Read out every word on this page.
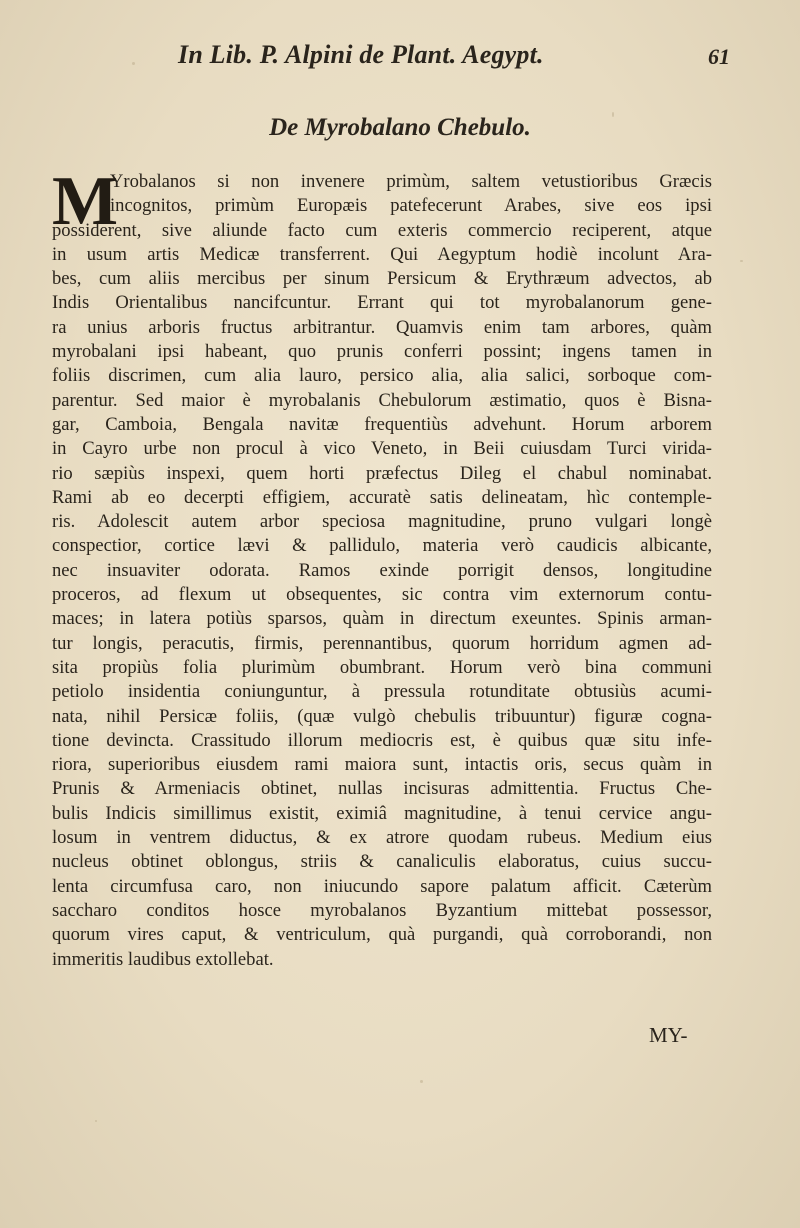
In Lib. P. Alpini de Plant. Aegypt.	61
De Myrobalano Chebulo.
M
Yrobalanos si non invenere primùm, saltem vetustioribus Græcis
incognitos, primùm Europæis patefecerunt Arabes, sive eos ipsi
possiderent, sive aliunde facto cum exteris commercio reciperent, atque
in usum artis Medicæ transferrent. Qui Aegyptum hodiè incolunt Ara-
bes, cum aliis mercibus per sinum Persicum & Erythræum advectos, ab
Indis Orientalibus nancifcuntur. Errant qui tot myrobalanorum gene-
ra unius arboris fructus arbitrantur. Quamvis enim tam arbores, quàm
myrobalani ipsi habeant, quo prunis conferri possint; ingens tamen in
foliis discrimen, cum alia lauro, persico alia, alia salici, sorboque com-
parentur. Sed maior è myrobalanis Chebulorum æstimatio, quos è Bisna-
gar, Camboia, Bengala navitæ frequentiùs advehunt. Horum arborem
in Cayro urbe non procul à vico Veneto, in Beii cuiusdam Turci virida-
rio sæpiùs inspexi, quem horti præfectus Dileg el chabul nominabat.
Rami ab eo decerpti effigiem, accuratè satis delineatam, hìc contemple-
ris. Adolescit autem arbor speciosa magnitudine, pruno vulgari longè
conspectior, cortice lævi & pallidulo, materia verò caudicis albicante,
nec insuaviter odorata. Ramos exinde porrigit densos, longitudine
proceros, ad flexum ut obsequentes, sic contra vim externorum contu-
maces; in latera potiùs sparsos, quàm in directum exeuntes. Spinis arman-
tur longis, peracutis, firmis, perennantibus, quorum horridum agmen ad-
sita propiùs folia plurimùm obumbrant. Horum verò bina communi
petiolo insidentia coniunguntur, à pressula rotunditate obtusiùs acumi-
nata, nihil Persicæ foliis, (quæ vulgò chebulis tribuuntur) figuræ cogna-
tione devincta. Crassitudo illorum mediocris est, è quibus quæ situ infe-
riora, superioribus eiusdem rami maiora sunt, intactis oris, secus quàm in
Prunis & Armeniacis obtinet, nullas incisuras admittentia. Fructus Che-
bulis Indicis simillimus existit, eximiâ magnitudine, à tenui cervice angu-
losum in ventrem diductus, & ex atrore quodam rubeus. Medium eius
nucleus obtinet oblongus, striis & canaliculis elaboratus, cuius succu-
lenta circumfusa caro, non iniucundo sapore palatum afficit. Cæterùm
sacchаro conditos hosce myrobalanos Byzantium mittebat possessor,
quorum vires caput, & ventriculum, quà purgandi, quà corroborandi, non
immeritis laudibus extollebat.
MY-
